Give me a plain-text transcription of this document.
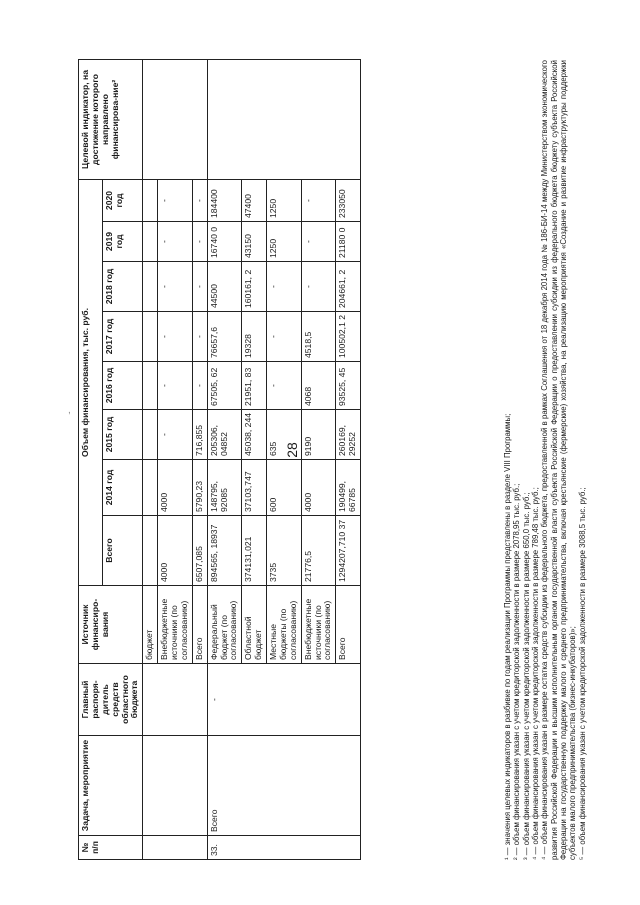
28
,
№ п/п	Задача, мероприятие	Главный распоря-дитель средств областного бюджета	Источник финансиро-вания	Объем финансирования, тыс. руб.								Целевой индикатор, на достижение которого направлено финансирова-ние²
				Всего	2014 год	2015 год	2016 год	2017 год	2018 год	2019 год	2020 год	
			бюджет									
			Внебюджетные источники (по согласованию)	4000	4000	-	-	-	-	-	-	
			Всего	6507,085	5790,23	716,855	-	-	-	-	-	
33.	Всего	-	Федеральный бюджет (по согласованию)	894565, 18937	148795, 92085	205306, 04852	67505, 62	76657,6	44500	16740 0	184400	
			Областной бюджет	374131,021	37103,747	45038, 244	21951, 83	19328	160161, 2	43150	47400	
			Местные бюджеты (по согласованию)	3735	600	635	-	-	-	1250	1250	
			Внебюджетные источники (по согласованию)	21776,5	4000	9190	4068	4518,5	-	-	-	
			Всего	1294207,710 37	190499, 66785	260169, 29252	93525, 45	100502,1 2	204661, 2	21180 0	233050	

¹ — значения целевых индикаторов в разбивке по годам реализации Программы представлены в разделе VIII Программы; ² — объем финансирования указан с учетом кредиторской задолженности в размере 2078,95 тыс. руб.; ³ — объем финансирования указан с учетом кредиторской задолженности в размере 650,0 тыс. руб.; ⁴ — объем финансирования указан с учетом кредиторской задолженности в размере 789,48 тыс. руб.; ⁴ — объем финансирования указан в размере остатка средств субсидии из федерального бюджета, предоставленной в рамках Соглашения от 18 декабря 2014 года № 186-БИ-14 между Министерством экономического развития Российской Федерации и высшим исполнительным органом государственной власти субъекта Российской Федерации о предоставлении субсидии из федерального бюджета бюджету субъекта Российской Федерации на государственную поддержку малого и среднего предпринимательства, включая крестьянские (фермерские) хозяйства, на реализацию мероприятия «Создание и развитие инфраструктуры поддержки субъектов малого предпринимательства (бизнес-инкубаторов)»; ⁵ — объем финансирования указан с учетом кредиторской задолженности в размере 3088,5 тыс. руб.;
